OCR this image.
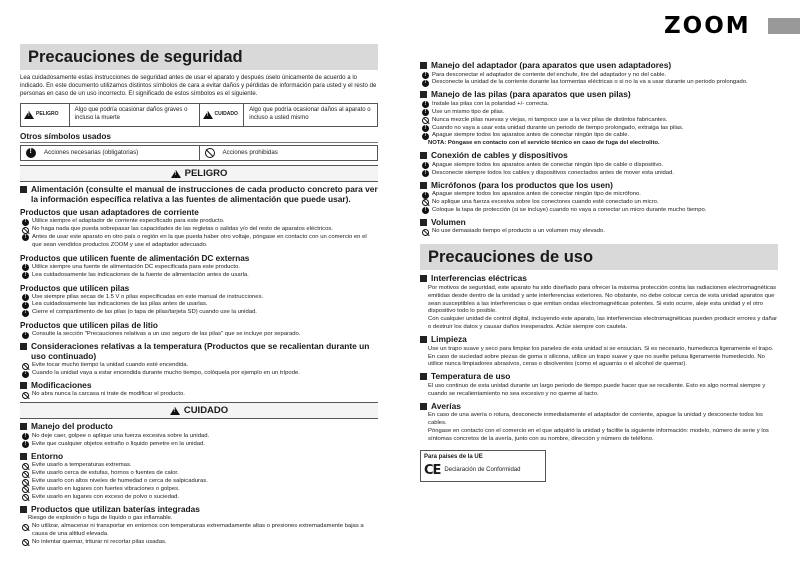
ZOOM
Precauciones de seguridad
Lea cuidadosamente estas instrucciones de seguridad antes de usar el aparato y después úselo únicamente de acuerdo a lo indicado. En este documento utilizamos distintos símbolos de cara a evitar daños y pérdidas de información para usted y el resto de personas en caso de un uso incorrecto. El significado de estos símbolos es el siguiente.
!
PELIGRO
Algo que podría ocasionar daños graves o incluso la muerte
!
CUIDADO
Algo que podría ocasionar daños al aparato o incluso a usted mismo
Otros símbolos usados
!
Acciones necesarias (obligatorias)	Acciones prohibidas
!
PELIGRO
Alimentación (consulte el manual de instrucciones de cada producto concreto para ver la información específica relativa a las fuentes de alimentación que puede usar).
Productos que usan adaptadores de corriente
!
Utilice siempre el adaptador de corriente especificado para este producto.
No haga nada que pueda sobrepasar las capacidades de las regletas o salidas y/o del resto de aparatos eléctricos.
!
Antes de usar este aparato en otro país o región en la que pueda haber otro voltaje, póngase en contacto con un comercio en el que sean vendidos productos ZOOM y use el adaptador adecuado.
Productos que utilicen fuente de alimentación DC externas
!
Utilice siempre una fuente de alimentación DC especificada para este producto.
!
Lea cuidadosamente las indicaciones de la fuente de alimentación antes de usarla.
Productos que utilicen pilas
!
Use siempre pilas secas de 1.5 V o pilas especificadas en este manual de instrucciones.
!
Lea cuidadosamente las indicaciones de las pilas antes de usarlas.
!
Cierre el compartimento de las pilas (o tapa de pilas/tarjeta SD) cuando use la unidad.
Productos que utilicen pilas de litio
!
Consulte la sección "Precauciones relativas a un uso seguro de las pilas" que se incluye por separado.
Consideraciones relativas a la temperatura (Productos que se recalientan durante un uso continuado)
Evite tocar mucho tiempo la unidad cuando esté encendida.
!
Cuando la unidad vaya a estar encendida durante mucho tiempo, colóquela por ejemplo en un trípode.
Modificaciones
No abra nunca la carcasa ni trate de modificar el producto.
!
CUIDADO
Manejo del producto
!
No deje caer, golpee o aplique una fuerza excesiva sobre la unidad.
!
Evite que cualquier objetos extraño o líquido penetre en la unidad.
Entorno
Evite usarlo a temperaturas extremas.
Evite usarlo cerca de estufas, hornos o fuentes de calor.
Evite usarlo con altos niveles de humedad o cerca de salpicaduras.
Evite usarlo en lugares con fuertes vibraciones o golpes.
Evite usarlo en lugares con exceso de polvo o suciedad.
Productos que utilizan baterías integradas
Riesgo de explosión o fuga de líquido o gas inflamable.
No utilizar, almacenar ni transportar en entornos con temperaturas extremadamente altas o presiones extremadamente bajas a causa de una altitud elevada.
No intentar quemar, triturar ni recortar pilas usadas.
Manejo del adaptador (para aparatos que usen adaptadores)
!
Para desconectar el adaptador de corriente del enchufe, tire del adaptador y no del cable.
!
Desconecte la unidad de la corriente durante las tormentas eléctricas o si no la va a usar durante un periodo prolongado.
Manejo de las pilas (para aparatos que usen pilas)
!
Instale las pilas con la polaridad +/- correcta.
!
Use un mismo tipo de pilas.
Nunca mezcle pilas nuevas y viejas, ni tampoco use a la vez pilas de distintos fabricantes.
!
Cuando no vaya a usar esta unidad durante un periodo de tiempo prolongado, extraiga las pilas.
!
Apague siempre todos los aparatos antes de conectar ningún tipo de cable.
NOTA: Póngase en contacto con el servicio técnico en caso de fuga del electrolito.
Conexión de cables y dispositivos
!
Apague siempre todos los aparatos antes de conectar ningún tipo de cable o dispositivo.
!
Desconecte siempre todos los cables y dispositivos conectados antes de mover esta unidad.
Micrófonos (para los productos que los usen)
!
Apague siempre todos los aparatos antes de conectar ningún tipo de micrófono.
No aplique una fuerza excesiva sobre los conectores cuando esté conectado un micro.
!
Coloque la tapa de protección (si se incluye) cuando no vaya a conectar un micro durante mucho tiempo.
Volumen
No use demasiado tiempo el producto a un volumen muy elevado.
Precauciones de uso
Interferencias eléctricas
Por motivos de seguridad, este aparato ha sido diseñado para ofrecer la máxima protección contra las radiaciones electromagnéticas emitidas desde dentro de la unidad y ante interferencias exteriores. No obstante, no debe colocar cerca de esta unidad aparatos que sean susceptibles a las interferencias o que emitan ondas electromagnéticas potentes. Si esto ocurre, aleje esta unidad y el otro dispositivo todo lo posible.
Con cualquier unidad de control digital, incluyendo este aparato, las interferencias electromagnéticas pueden producir errores y dañar o destruir los datos y causar daños inesperados. Actúe siempre con cautela.
Limpieza
Use un trapo suave y seco para limpiar los paneles de esta unidad si se ensucian. Si es necesario, humedezca ligeramente el trapo.
En caso de suciedad sobre piezas de goma o silicona, utilice un trapo suave y que no suelte pelusa ligeramente humedecido. No utilice nunca limpiadores abrasivos, ceras o disolventes (como el aguarrás o el alcohol de quemar).
Temperatura de uso
El uso continuo de esta unidad durante un largo periodo de tiempo puede hacer que se recaliente. Esto es algo normal siempre y cuando se recalientamiento no sea excesivo y no queme al tacto.
Averías
En caso de una avería o rotura, desconecte inmediatamente el adaptador de corriente, apague la unidad y desconecte todos los cables.
Póngase en contacto con el comercio en el que adquirió la unidad y facilite la siguiente información: modelo, número de serie y los síntomas concretos de la avería, junto con su nombre, dirección y número de teléfono.
Para países de la UE
CE Declaración de Conformidad
